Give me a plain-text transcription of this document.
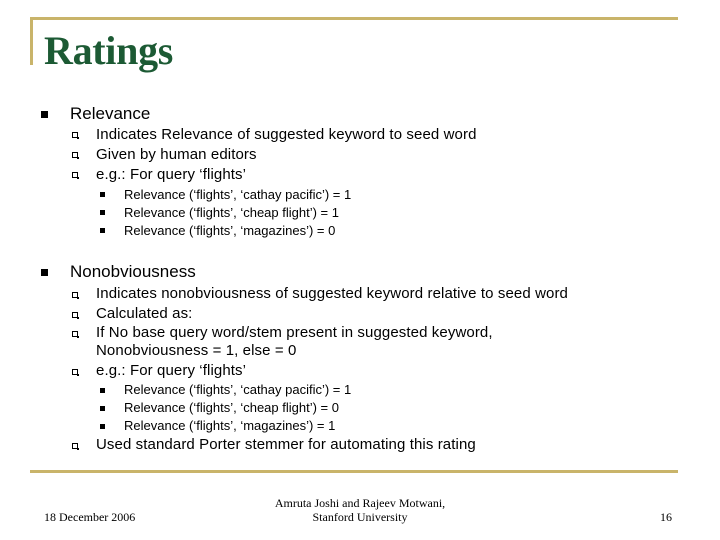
Ratings
Relevance
Indicates Relevance of suggested keyword to seed word
Given by human editors
e.g.: For query ‘flights’
Relevance (‘flights’, ‘cathay pacific’) = 1
Relevance (‘flights’, ‘cheap flight’) = 1
Relevance (‘flights’, ‘magazines’) = 0
Nonobviousness
Indicates nonobviousness of suggested keyword relative to seed word
Calculated as:
If No base query word/stem present in suggested keyword,
Nonobviousness = 1, else = 0
e.g.: For query ‘flights’
Relevance (‘flights’, ‘cathay pacific’) = 1
Relevance (‘flights’, ‘cheap flight’) = 0
Relevance (‘flights’, ‘magazines’) = 1
Used standard Porter stemmer for automating this rating
18 December 2006
Amruta Joshi and Rajeev Motwani,
Stanford University	16
